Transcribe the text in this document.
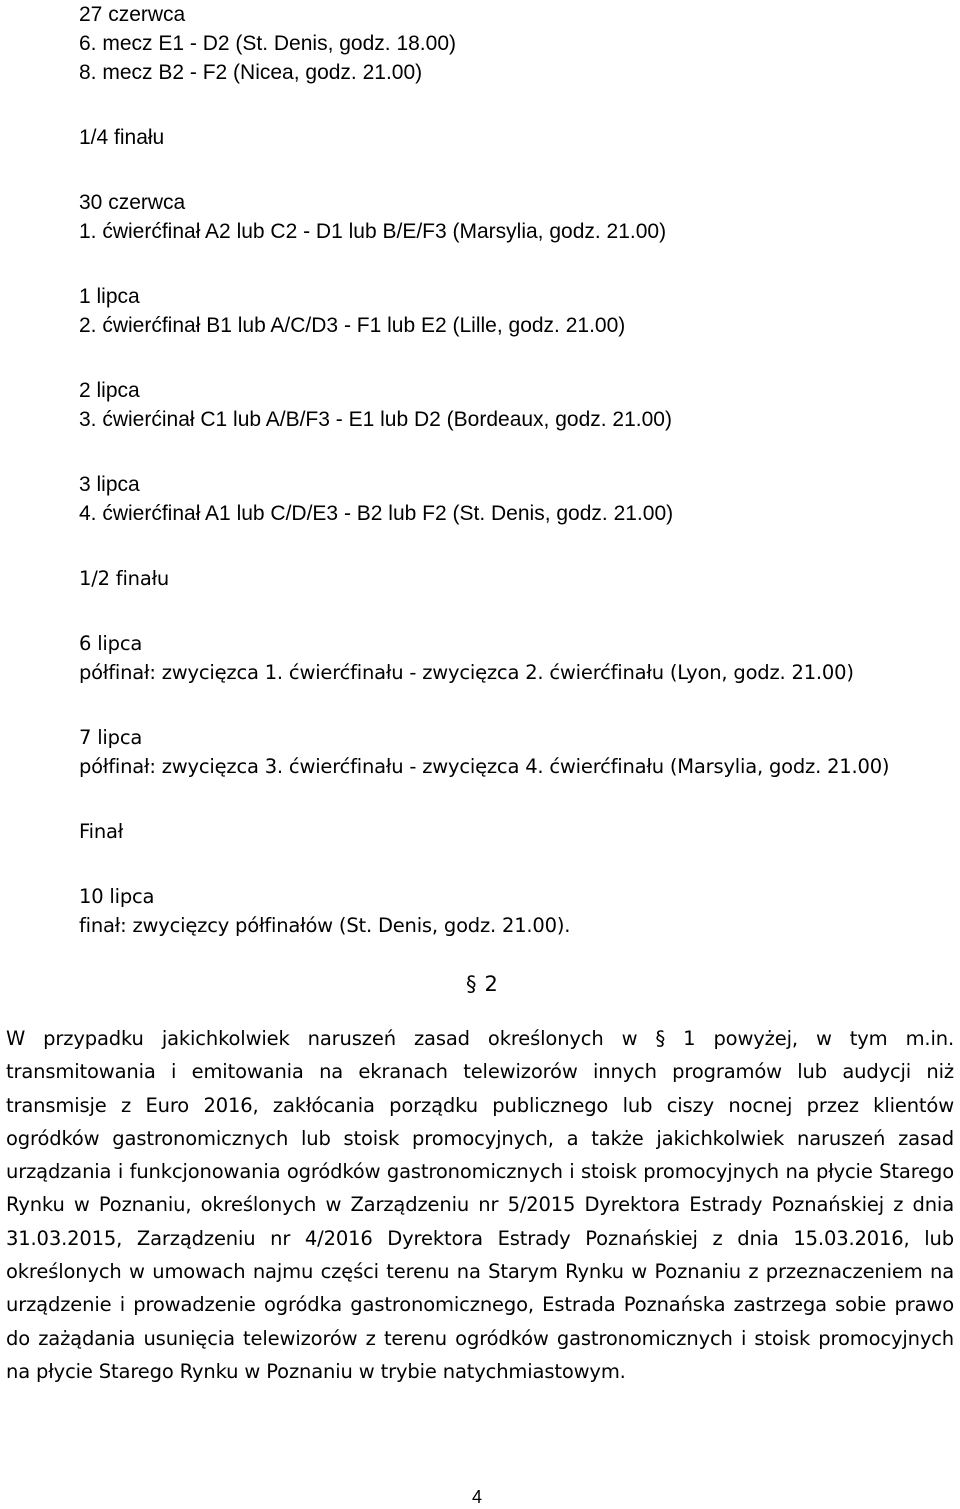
27 czerwca
6. mecz E1 - D2 (St. Denis, godz. 18.00)
8. mecz B2 - F2 (Nicea, godz. 21.00)
1/4 finału
30 czerwca
1. ćwierćfinał A2 lub C2 - D1 lub B/E/F3 (Marsylia, godz. 21.00)
1 lipca
2. ćwierćfinał B1 lub A/C/D3 - F1 lub E2 (Lille, godz. 21.00)
2 lipca
3. ćwierćinał C1 lub A/B/F3 - E1 lub D2 (Bordeaux, godz. 21.00)
3 lipca
4. ćwierćfinał A1 lub C/D/E3 - B2 lub F2 (St. Denis, godz. 21.00)
1/2 finału
6 lipca
półfinał: zwycięzca 1. ćwierćfinału - zwycięzca 2. ćwierćfinału (Lyon, godz. 21.00)
7 lipca
półfinał: zwycięzca 3. ćwierćfinału - zwycięzca 4. ćwierćfinału (Marsylia, godz. 21.00)
Finał
10 lipca
finał: zwycięzcy półfinałów (St. Denis, godz. 21.00).
§ 2
W przypadku jakichkolwiek naruszeń zasad określonych w § 1 powyżej, w tym m.in. transmitowania i emitowania na ekranach telewizorów innych programów lub audycji niż transmisje z Euro 2016, zakłócania porządku publicznego lub ciszy nocnej przez klientów ogródków gastronomicznych lub stoisk promocyjnych, a także jakichkolwiek naruszeń zasad urządzania i funkcjonowania ogródków gastronomicznych i stoisk promocyjnych na płycie Starego Rynku w Poznaniu, określonych w Zarządzeniu nr 5/2015 Dyrektora Estrady Poznańskiej z dnia 31.03.2015, Zarządzeniu nr 4/2016 Dyrektora Estrady Poznańskiej z dnia 15.03.2016, lub określonych w umowach najmu części terenu na Starym Rynku w Poznaniu z przeznaczeniem na urządzenie i prowadzenie ogródka gastronomicznego, Estrada Poznańska zastrzega sobie prawo do zażądania usunięcia telewizorów z terenu ogródków gastronomicznych i stoisk promocyjnych na płycie Starego Rynku w Poznaniu w trybie natychmiastowym.
4
